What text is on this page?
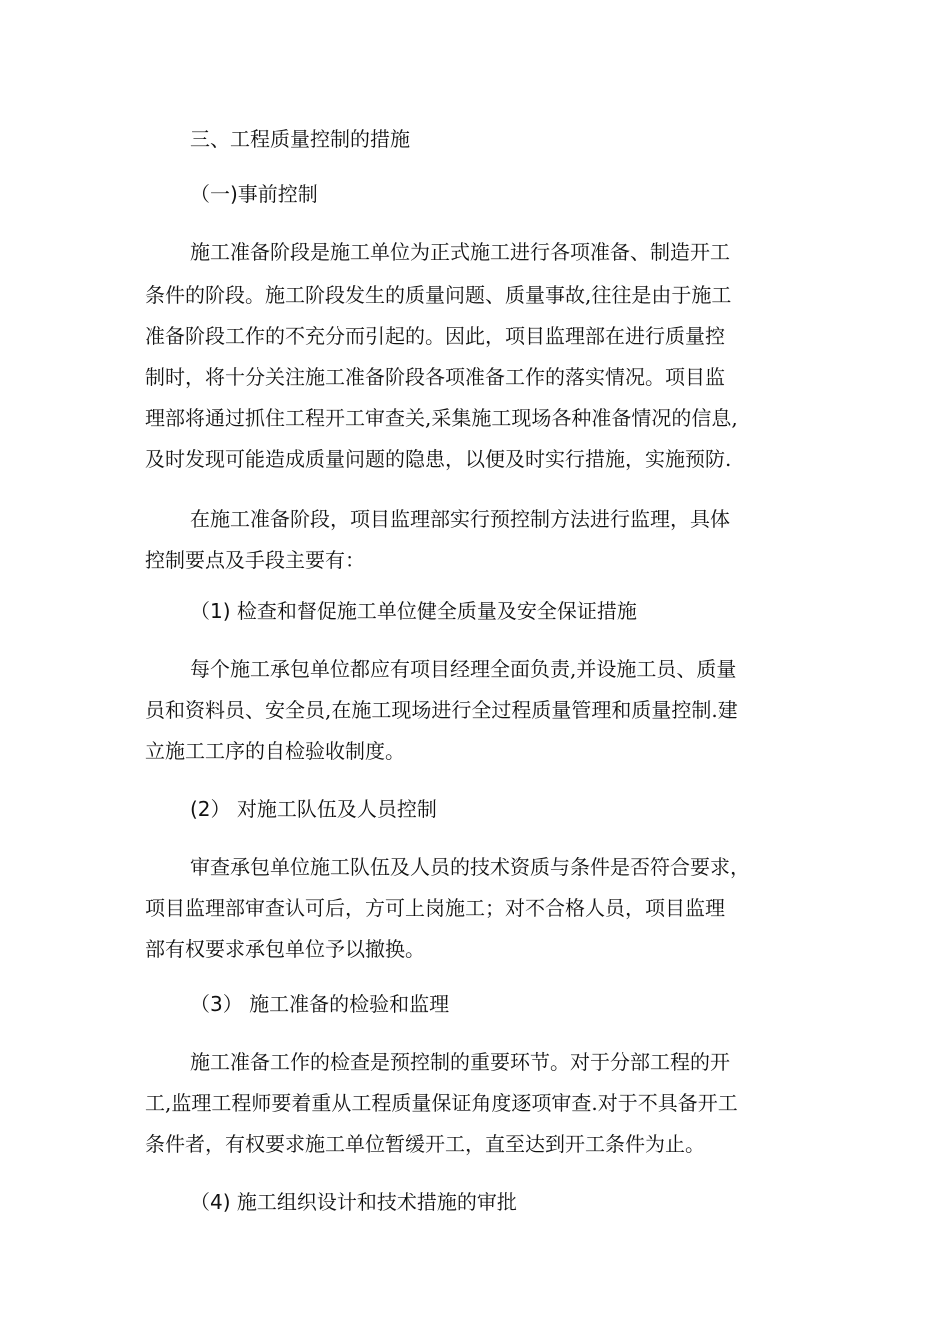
三、工程质量控制的措施

（一)事前控制

施工准备阶段是施工单位为正式施工进行各项准备、制造开工

条件的阶段。施工阶段发生的质量问题、质量事故,往往是由于施工

准备阶段工作的不充分而引起的。因此，项目监理部在进行质量控

制时，将十分关注施工准备阶段各项准备工作的落实情况。项目监

理部将通过抓住工程开工审查关,采集施工现场各种准备情况的信息,

及时发现可能造成质量问题的隐患，以便及时实行措施，实施预防.

在施工准备阶段，项目监理部实行预控制方法进行监理，具体

控制要点及手段主要有：

（1) 检查和督促施工单位健全质量及安全保证措施

每个施工承包单位都应有项目经理全面负责,并设施工员、质量

员和资料员、安全员,在施工现场进行全过程质量管理和质量控制.建

立施工工序的自检验收制度。

(2） 对施工队伍及人员控制

审查承包单位施工队伍及人员的技术资质与条件是否符合要求，

项目监理部审查认可后，方可上岗施工；对不合格人员，项目监理

部有权要求承包单位予以撤换。

（3） 施工准备的检验和监理

施工准备工作的检查是预控制的重要环节。对于分部工程的开

工,监理工程师要着重从工程质量保证角度逐项审查.对于不具备开工

条件者，有权要求施工单位暂缓开工，直至达到开工条件为止。

（4) 施工组织设计和技术措施的审批
